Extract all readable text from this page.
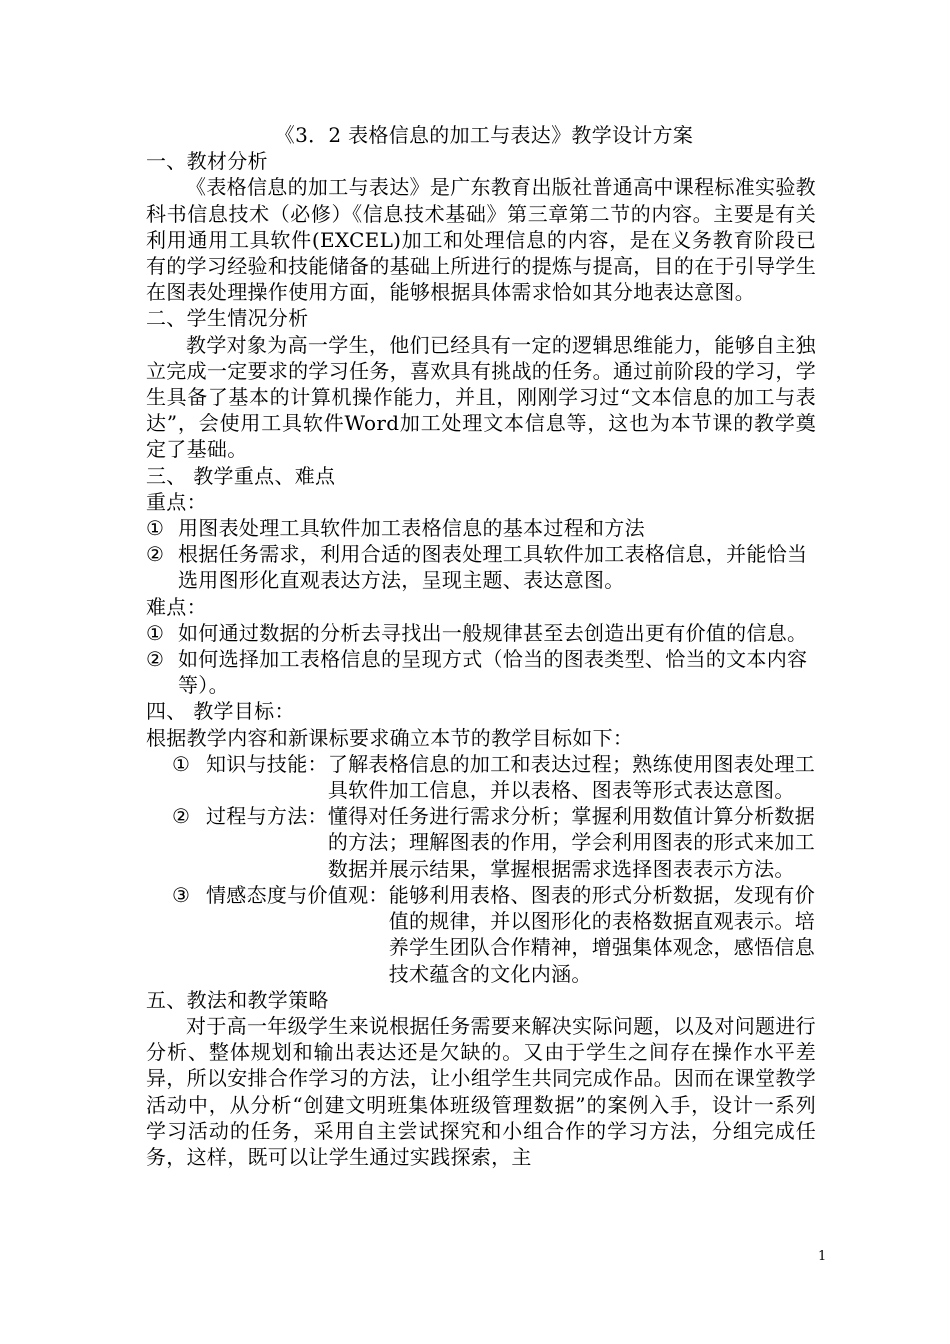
《3．2 表格信息的加工与表达》教学设计方案

一、教材分析

《表格信息的加工与表达》是广东教育出版社普通高中课程标准实验教科书信息技术（必修）《信息技术基础》第三章第二节的内容。主要是有关利用通用工具软件(EXCEL)加工和处理信息的内容，是在义务教育阶段已有的学习经验和技能储备的基础上所进行的提炼与提高，目的在于引导学生在图表处理操作使用方面，能够根据具体需求恰如其分地表达意图。

二、学生情况分析

教学对象为高一学生，他们已经具有一定的逻辑思维能力，能够自主独立完成一定要求的学习任务，喜欢具有挑战的任务。通过前阶段的学习，学生具备了基本的计算机操作能力，并且，刚刚学习过“文本信息的加工与表达”，会使用工具软件Word加工处理文本信息等，这也为本节课的教学奠定了基础。

三、 教学重点、难点

重点：

① 用图表处理工具软件加工表格信息的基本过程和方法
② 根据任务需求，利用合适的图表处理工具软件加工表格信息，并能恰当选用图形化直观表达方法，呈现主题、表达意图。

难点：

① 如何通过数据的分析去寻找出一般规律甚至去创造出更有价值的信息。
② 如何选择加工表格信息的呈现方式（恰当的图表类型、恰当的文本内容等）。

四、 教学目标：

根据教学内容和新课标要求确立本节的教学目标如下：

① 知识与技能： 了解表格信息的加工和表达过程；熟练使用图表处理工具软件加工信息，并以表格、图表等形式表达意图。
② 过程与方法： 懂得对任务进行需求分析；掌握利用数值计算分析数据的方法；理解图表的作用，学会利用图表的形式来加工数据并展示结果，掌握根据需求选择图表表示方法。
③ 情感态度与价值观： 能够利用表格、图表的形式分析数据，发现有价值的规律，并以图形化的表格数据直观表示。培养学生团队合作精神，增强集体观念，感悟信息技术蕴含的文化内涵。

五、教法和教学策略

对于高一年级学生来说根据任务需要来解决实际问题，以及对问题进行分析、整体规划和输出表达还是欠缺的。又由于学生之间存在操作水平差异，所以安排合作学习的方法，让小组学生共同完成作品。因而在课堂教学活动中，从分析“创建文明班集体班级管理数据”的案例入手，设计一系列学习活动的任务，采用自主尝试探究和小组合作的学习方法，分组完成任务，这样，既可以让学生通过实践探索，主

1
